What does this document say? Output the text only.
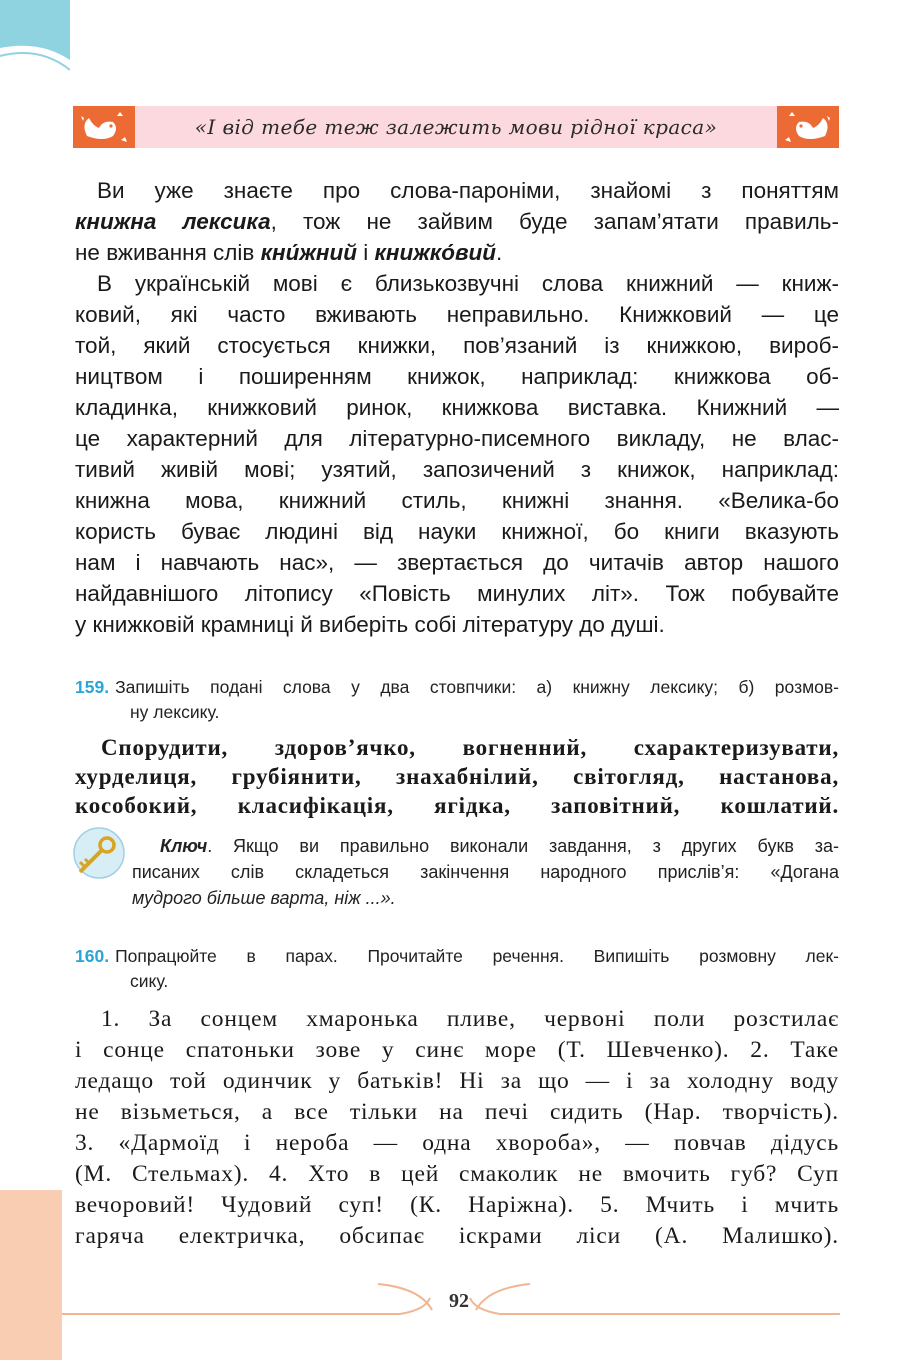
«І від тебе теж залежить мови рідної краса»
Ви уже знаєте про слова-пароніми, знайомі з поняттям
книжна лексика, тож не зайвим буде запам’ятати правиль-
не вживання слів кни́жний і книжко́вий.
В українській мові є близькозвучні слова книжний — книж-
ковий, які часто вживають неправильно. Книжковий — це
той, який стосується книжки, пов’язаний із книжкою, вироб-
ництвом і поширенням книжок, наприклад: книжкова об-
кладинка, книжковий ринок, книжкова виставка. Книжний —
це характерний для літературно-писемного викладу, не влас-
тивий живій мові; узятий, запозичений з книжок, наприклад:
книжна мова, книжний стиль, книжні знання. «Велика-бо
користь буває людині від науки книжної, бо книги вказують
нам і навчають нас», — звертається до читачів автор нашого
найдавнішого літопису «Повість минулих літ». Тож побувайте
у книжковій крамниці й виберіть собі літературу до душі.
159. Запишіть подані слова у два стовпчики: а) книжну лексику; б) розмов-
ну лексику.
Спорудити, здоров’ячко, вогненний, схарактеризувати,
хурделиця, грубіянити, знахабнілий, світогляд, настанова,
кособокий, класифікація, ягідка, заповітний, кошлатий.
Ключ. Якщо ви правильно виконали завдання, з других букв за-
писаних слів складеться закінчення народного прислів’я: «Догана
мудрого більше варта, ніж ...».
160. Попрацюйте в парах. Прочитайте речення. Випишіть розмовну лек-
сику.
1. За сонцем хмаронька пливе, червоні поли розстилає
і сонце спатоньки зове у синє море (Т. Шевченко). 2. Таке
ледащо той одинчик у батьків! Ні за що — і за холодну воду
не візьметься, а все тільки на печі сидить (Нар. творчість).
3. «Дармоїд і нероба — одна хвороба», — повчав дідусь
(М. Стельмах). 4. Хто в цей смаколик не вмочить губ? Суп
вечоровий! Чудовий суп! (К. Наріжна). 5. Мчить і мчить
гаряча електричка, обсипає іскрами ліси (А. Малишко).
92
